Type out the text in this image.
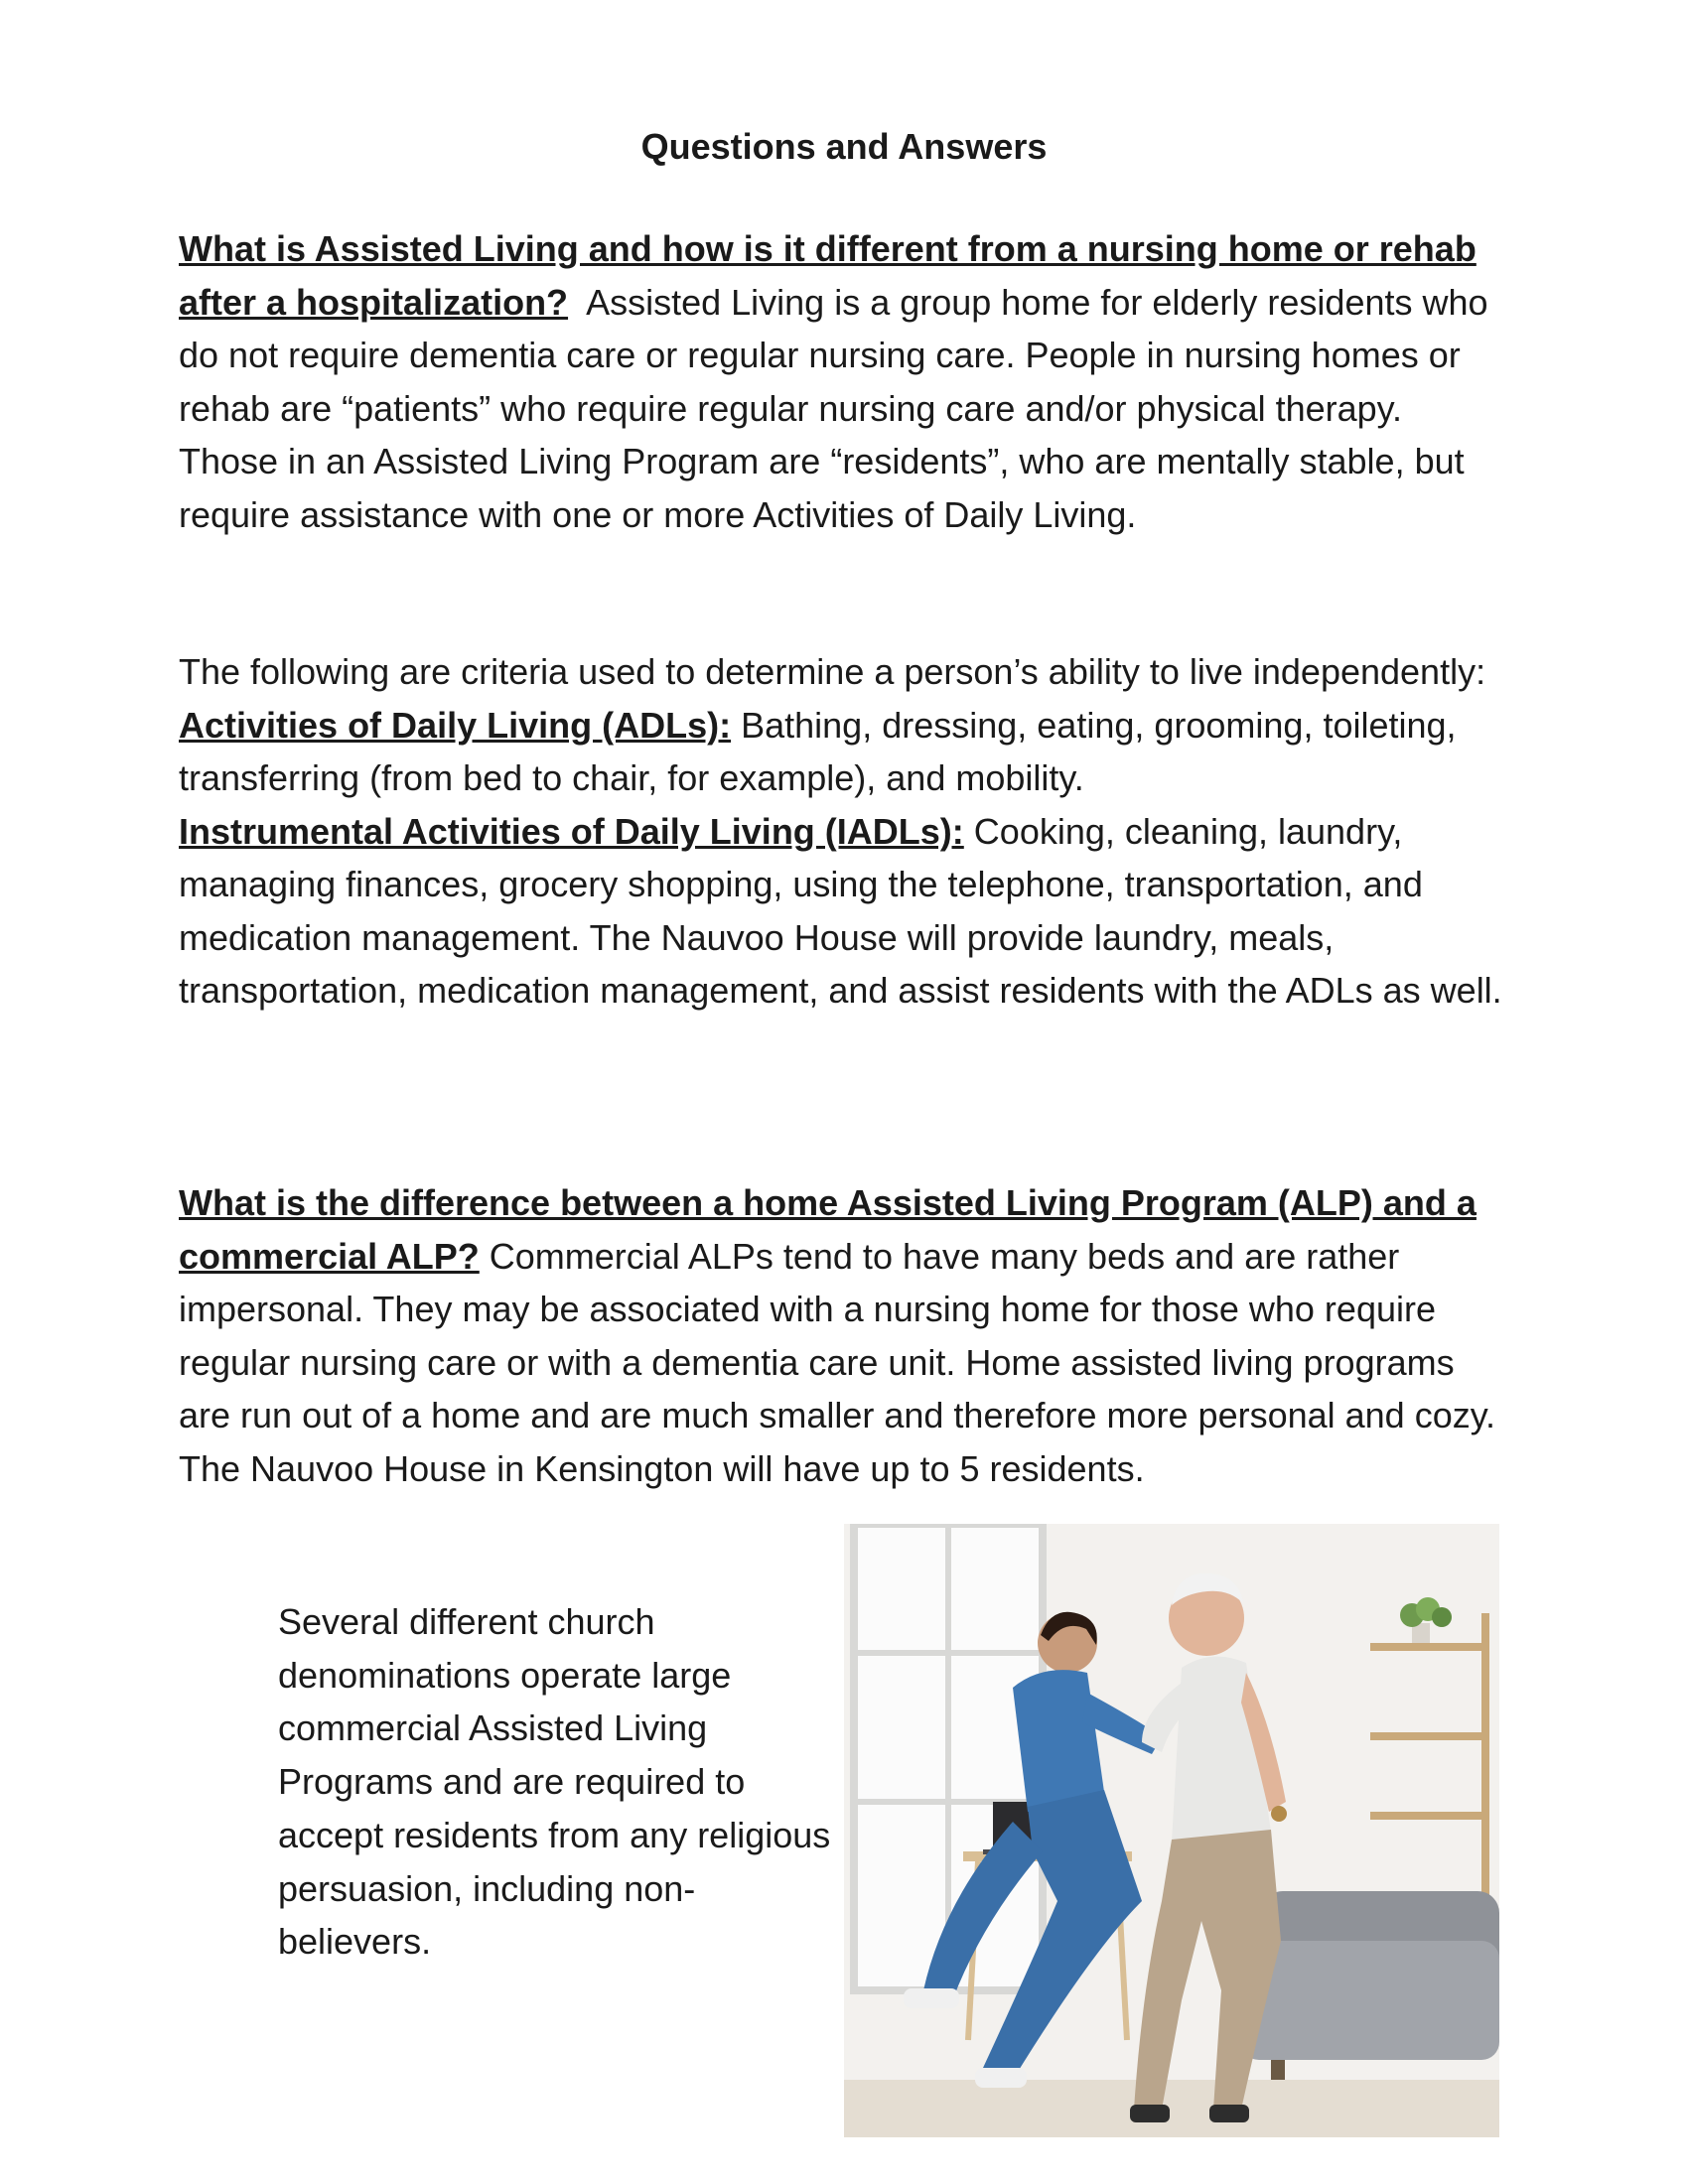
Questions and Answers
What is Assisted Living and how is it different from a nursing home or rehab after a hospitalization? Assisted Living is a group home for elderly residents who do not require dementia care or regular nursing care. People in nursing homes or rehab are “patients” who require regular nursing care and/or physical therapy. Those in an Assisted Living Program are “residents”, who are mentally stable, but require assistance with one or more Activities of Daily Living.
The following are criteria used to determine a person’s ability to live independently:
Activities of Daily Living (ADLs): Bathing, dressing, eating, grooming, toileting, transferring (from bed to chair, for example), and mobility.
Instrumental Activities of Daily Living (IADLs): Cooking, cleaning, laundry, managing finances, grocery shopping, using the telephone, transportation, and medication management. The Nauvoo House will provide laundry, meals, transportation, medication management, and assist residents with the ADLs as well.
What is the difference between a home Assisted Living Program (ALP) and a commercial ALP? Commercial ALPs tend to have many beds and are rather impersonal. They may be associated with a nursing home for those who require regular nursing care or with a dementia care unit. Home assisted living programs are run out of a home and are much smaller and therefore more personal and cozy. The Nauvoo House in Kensington will have up to 5 residents.
Several different church denominations operate large commercial Assisted Living Programs and are required to accept residents from any religious persuasion, including non-believers.
